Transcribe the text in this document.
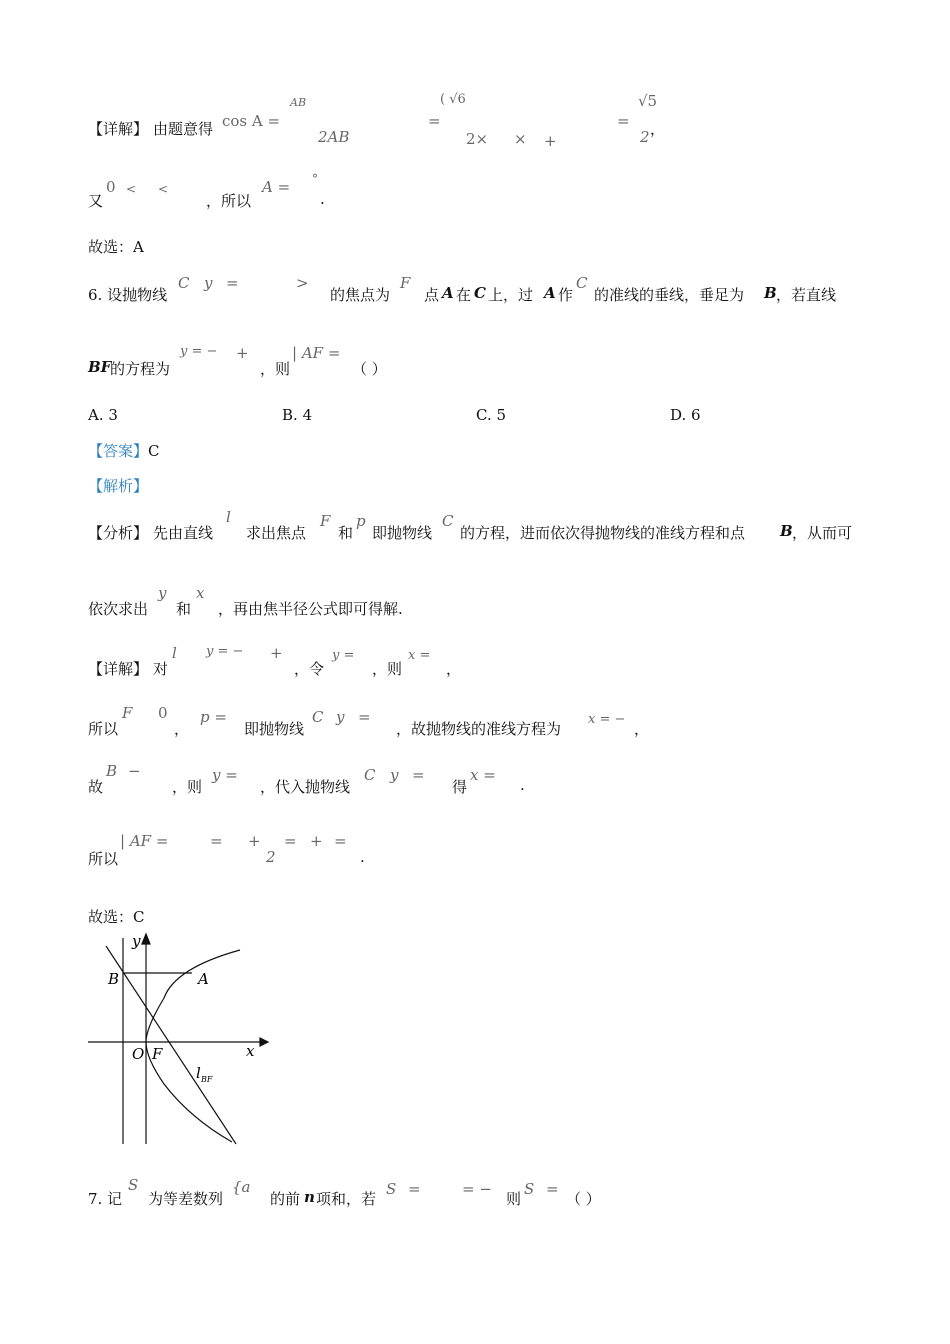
【详解】 由题意得 cos A =
AB
2AB
=
( √6
2× × +
=
√5
2 ，
又
0 < <
，所以
A = °
.
故选：A
6. 设抛物线
C y =	>
的焦点为
F
点 A 在 C 上，过 A 作
C
的准线的垂线，垂足为 B ，若直线
BF
的方程为
y = − +
，则
| AF =
（ ）
A. 3	B. 4	C. 5	D. 6
【答案】C
【解析】
【分析】 先由直线
l
求出焦点
F
和
p
即抛物线
C
的方程，进而依次得抛物线的准线方程和点 B ，从而可
依次求出
y
和
x
，再由焦半径公式即可得解.
【详解】 对
l y = − +
，令
y =
，则
x =
，
所以
F 0
，
p =
即抛物线
C y =
，故抛物线的准线方程为
x = −
，
故
B −
，则
y =
，代入抛物线
C y =
得
x =
.
所以
| AF =	= +
2
= + =
.
故选：C
y
x
B	A
O F
l BF
7. 记
S
为等差数列
{a
的前 n 项和，若
S =	= −
则
S =
（ ）
